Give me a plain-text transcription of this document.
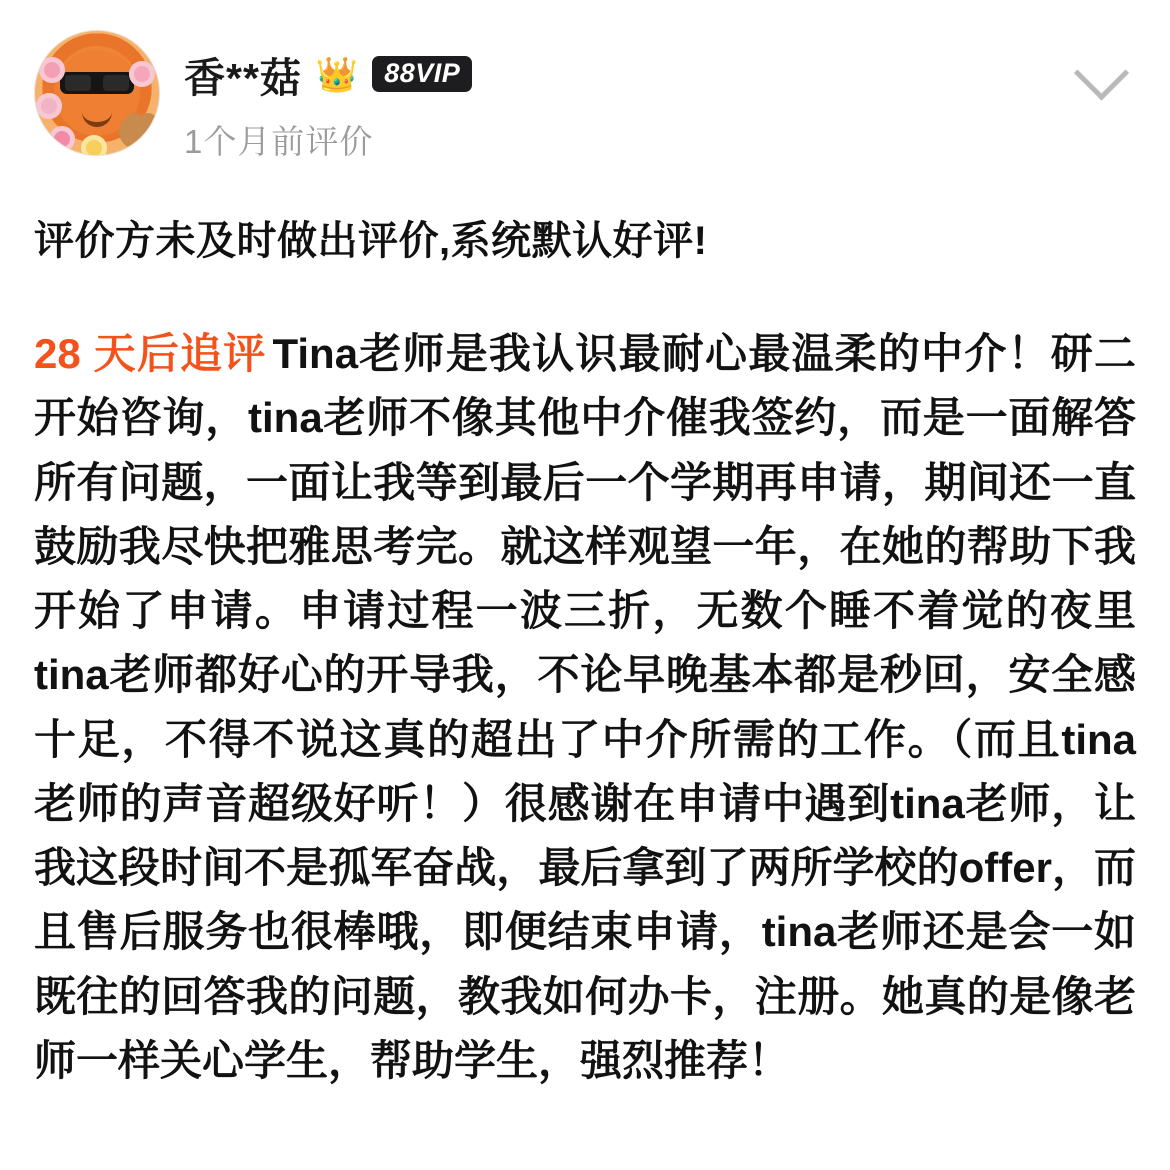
香**菇 👑 88VIP
1个月前评价
评价方未及时做出评价,系统默认好评!
28 天后追评 Tina老师是我认识最耐心最温柔的中介！研二开始咨询，tina老师不像其他中介催我签约，而是一面解答所有问题，一面让我等到最后一个学期再申请，期间还一直鼓励我尽快把雅思考完。就这样观望一年，在她的帮助下我开始了申请。申请过程一波三折，无数个睡不着觉的夜里tina老师都好心的开导我，不论早晚基本都是秒回，安全感十足，不得不说这真的超出了中介所需的工作。（而且tina老师的声音超级好听！）很感谢在申请中遇到tina老师，让我这段时间不是孤军奋战，最后拿到了两所学校的offer，而且售后服务也很棒哦，即便结束申请，tina老师还是会一如既往的回答我的问题，教我如何办卡，注册。她真的是像老师一样关心学生，帮助学生，强烈推荐！
